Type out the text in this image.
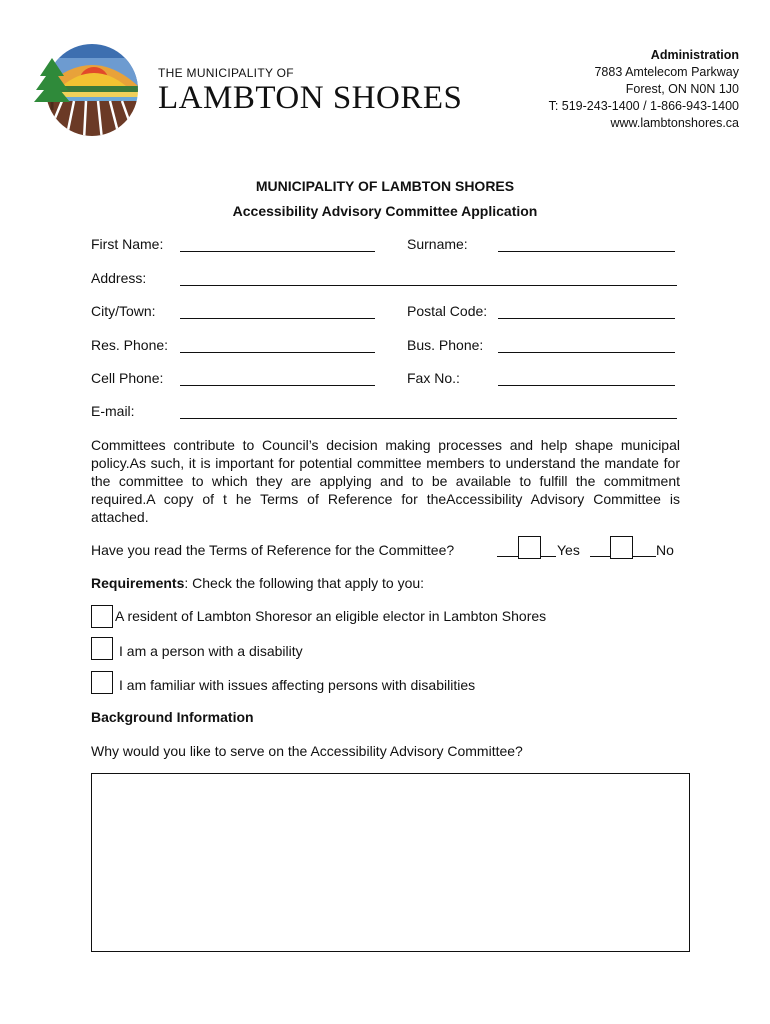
THE MUNICIPALITY OF
LAMBTON SHORES
Administration
7883 Amtelecom Parkway
Forest, ON N0N 1J0
T: 519-243-1400 / 1-866-943-1400
www.lambtonshores.ca
MUNICIPALITY OF LAMBTON SHORES
Accessibility Advisory Committee Application
First Name:	Surname:
Address:
City/Town:	Postal Code:
Res. Phone:	Bus. Phone:
Cell Phone:	Fax No.:
E-mail:
Committees contribute to Council’s decision making processes and help shape municipal policy.As such, it is important for potential committee members to understand the mandate for the committee to which they are applying and to be available to fulfill the commitment required.A copy of t he Terms of Reference for theAccessibility Advisory Committee is attached.
Have you read the Terms of Reference for the Committee?	Yes	No
Requirements: Check the following that apply to you:
A resident of Lambton Shoresor an eligible elector in Lambton Shores
I am a person with a disability
I am familiar with issues affecting persons with disabilities
Background Information
Why would you like to serve on the Accessibility Advisory Committee?
